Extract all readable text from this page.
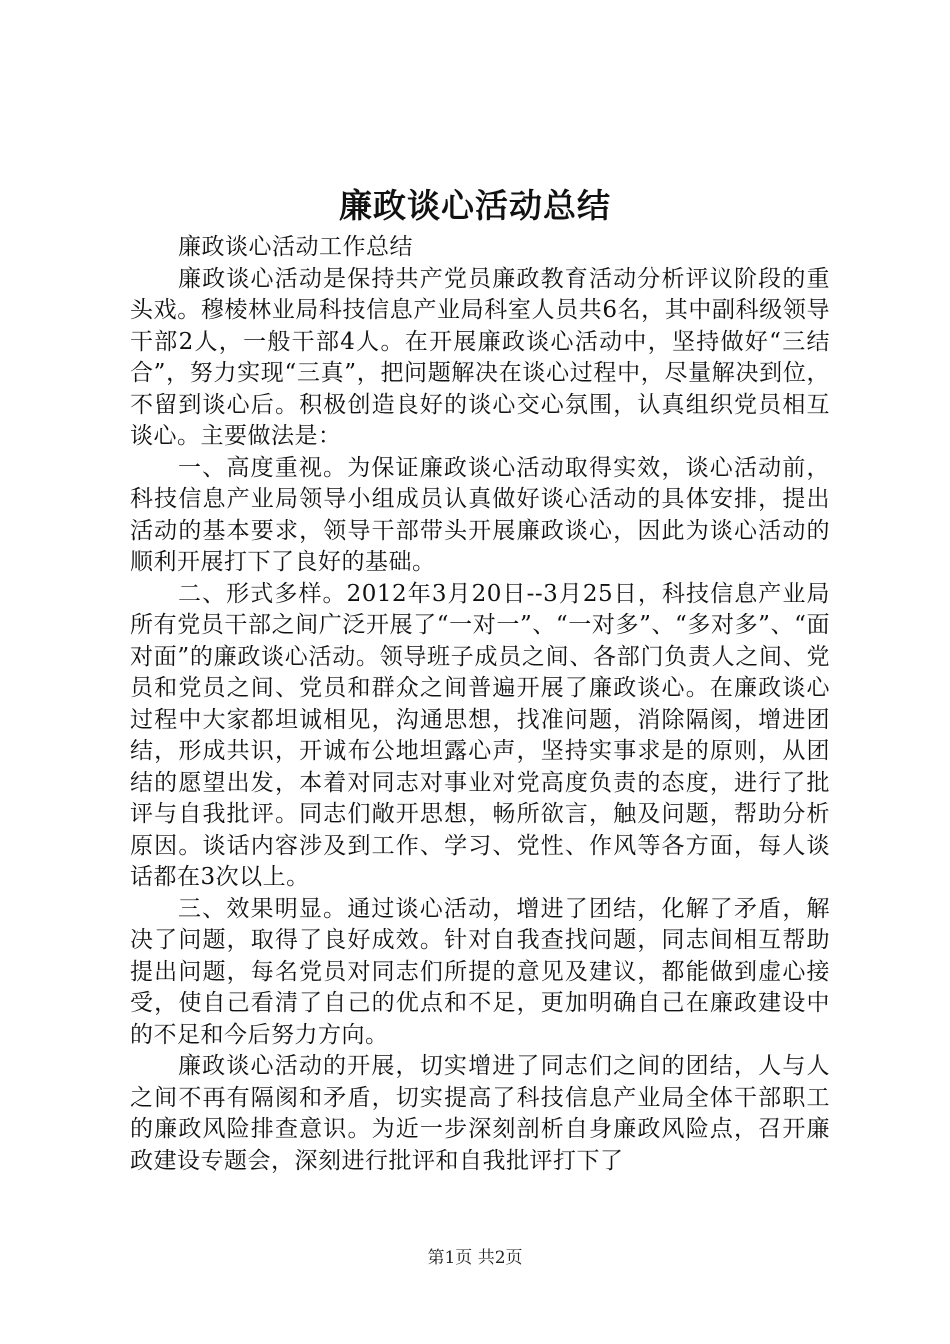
廉政谈心活动总结

廉政谈心活动工作总结

廉政谈心活动是保持共产党员廉政教育活动分析评议阶段的重头戏。穆棱林业局科技信息产业局科室人员共6名，其中副科级领导干部2人，一般干部4人。在开展廉政谈心活动中，坚持做好“三结合”，努力实现“三真”，把问题解决在谈心过程中，尽量解决到位，不留到谈心后。积极创造良好的谈心交心氛围，认真组织党员相互谈心。主要做法是：

一、高度重视。为保证廉政谈心活动取得实效，谈心活动前，科技信息产业局领导小组成员认真做好谈心活动的具体安排，提出活动的基本要求，领导干部带头开展廉政谈心，因此为谈心活动的顺利开展打下了良好的基础。

二、形式多样。2012年3月20日--3月25日，科技信息产业局所有党员干部之间广泛开展了“一对一”、“一对多”、“多对多”、“面对面”的廉政谈心活动。领导班子成员之间、各部门负责人之间、党员和党员之间、党员和群众之间普遍开展了廉政谈心。在廉政谈心过程中大家都坦诚相见，沟通思想，找准问题，消除隔阂，增进团结，形成共识，开诚布公地坦露心声，坚持实事求是的原则，从团结的愿望出发，本着对同志对事业对党高度负责的态度，进行了批评与自我批评。同志们敞开思想，畅所欲言，触及问题，帮助分析原因。谈话内容涉及到工作、学习、党性、作风等各方面，每人谈话都在3次以上。

三、效果明显。通过谈心活动，增进了团结，化解了矛盾，解决了问题，取得了良好成效。针对自我查找问题，同志间相互帮助提出问题，每名党员对同志们所提的意见及建议，都能做到虚心接受，使自己看清了自己的优点和不足，更加明确自己在廉政建设中的不足和今后努力方向。

廉政谈心活动的开展，切实增进了同志们之间的团结，人与人之间不再有隔阂和矛盾，切实提高了科技信息产业局全体干部职工的廉政风险排查意识。为近一步深刻剖析自身廉政风险点，召开廉政建设专题会，深刻进行批评和自我批评打下了

第1页 共2页
